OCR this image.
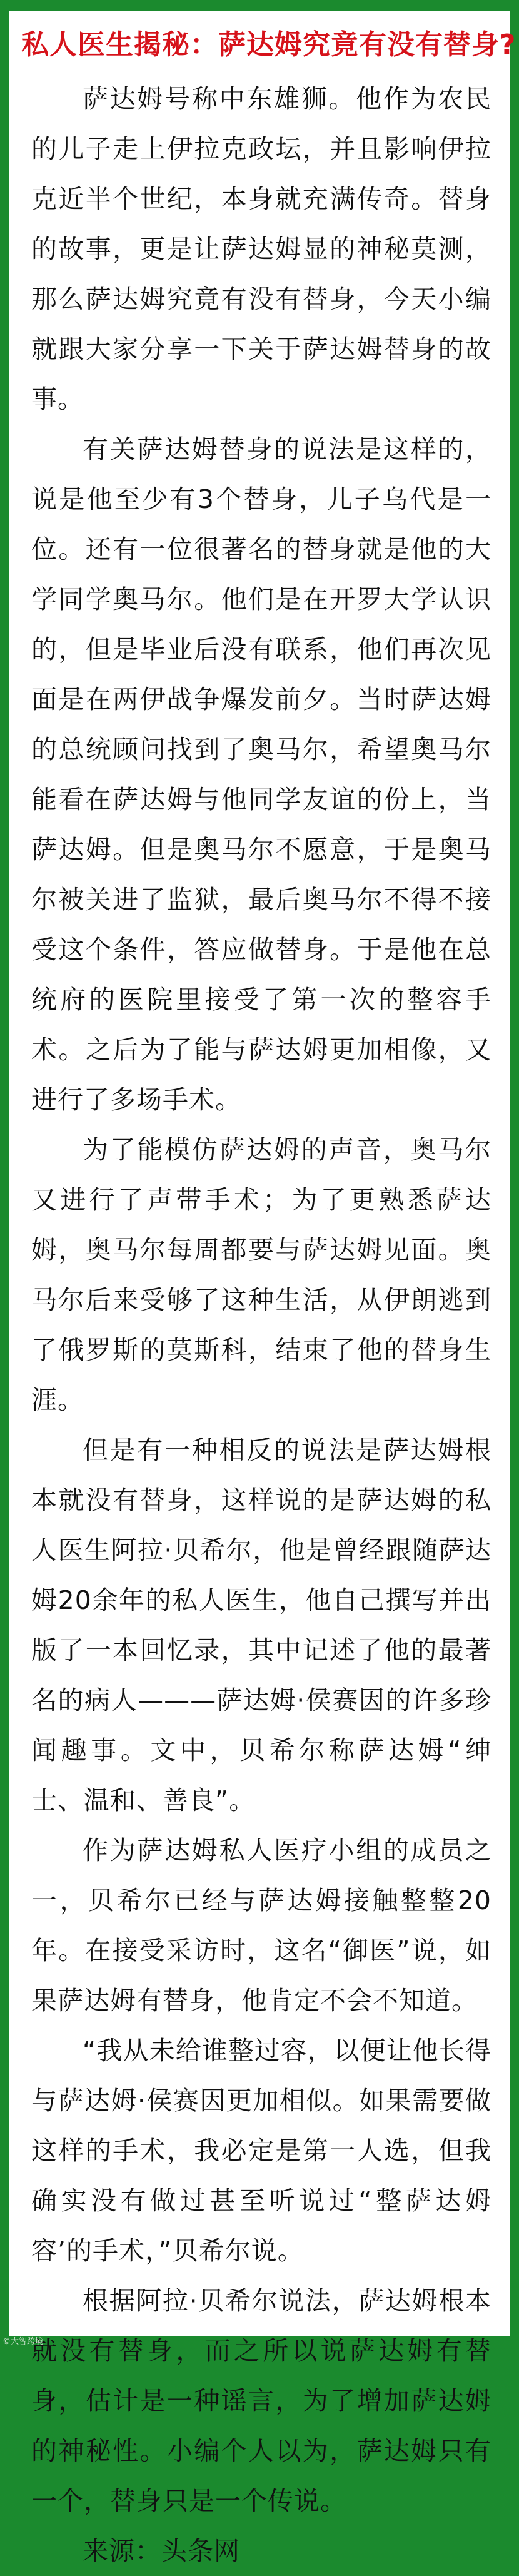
私人医生揭秘：萨达姆究竟有没有替身?

萨达姆号称中东雄狮。他作为农民的儿子走上伊拉克政坛，并且影响伊拉克近半个世纪，本身就充满传奇。替身的故事，更是让萨达姆显的神秘莫测，那么萨达姆究竟有没有替身，今天小编就跟大家分享一下关于萨达姆替身的故事。

有关萨达姆替身的说法是这样的，说是他至少有3个替身，儿子乌代是一位。还有一位很著名的替身就是他的大学同学奥马尔。他们是在开罗大学认识的，但是毕业后没有联系，他们再次见面是在两伊战争爆发前夕。当时萨达姆的总统顾问找到了奥马尔，希望奥马尔能看在萨达姆与他同学友谊的份上，当萨达姆。但是奥马尔不愿意，于是奥马尔被关进了监狱，最后奥马尔不得不接受这个条件，答应做替身。于是他在总统府的医院里接受了第一次的整容手术。之后为了能与萨达姆更加相像，又进行了多场手术。

为了能模仿萨达姆的声音，奥马尔又进行了声带手术；为了更熟悉萨达姆，奥马尔每周都要与萨达姆见面。奥马尔后来受够了这种生活，从伊朗逃到了俄罗斯的莫斯科，结束了他的替身生涯。

但是有一种相反的说法是萨达姆根本就没有替身，这样说的是萨达姆的私人医生阿拉·贝希尔，他是曾经跟随萨达姆20余年的私人医生，他自己撰写并出版了一本回忆录，其中记述了他的最著名的病人———萨达姆·侯赛因的许多珍闻趣事。文中，贝希尔称萨达姆“绅士、温和、善良”。

作为萨达姆私人医疗小组的成员之一，贝希尔已经与萨达姆接触整整20年。在接受采访时，这名“御医”说，如果萨达姆有替身，他肯定不会不知道。

“我从未给谁整过容，以便让他长得与萨达姆·侯赛因更加相似。如果需要做这样的手术，我必定是第一人选，但我确实没有做过甚至听说过“整萨达姆容’的手术，”贝希尔说。

根据阿拉·贝希尔说法，萨达姆根本就没有替身，而之所以说萨达姆有替身，估计是一种谣言，为了增加萨达姆的神秘性。小编个人以为，萨达姆只有一个，替身只是一个传说。

来源：头条网

©大智跨境
